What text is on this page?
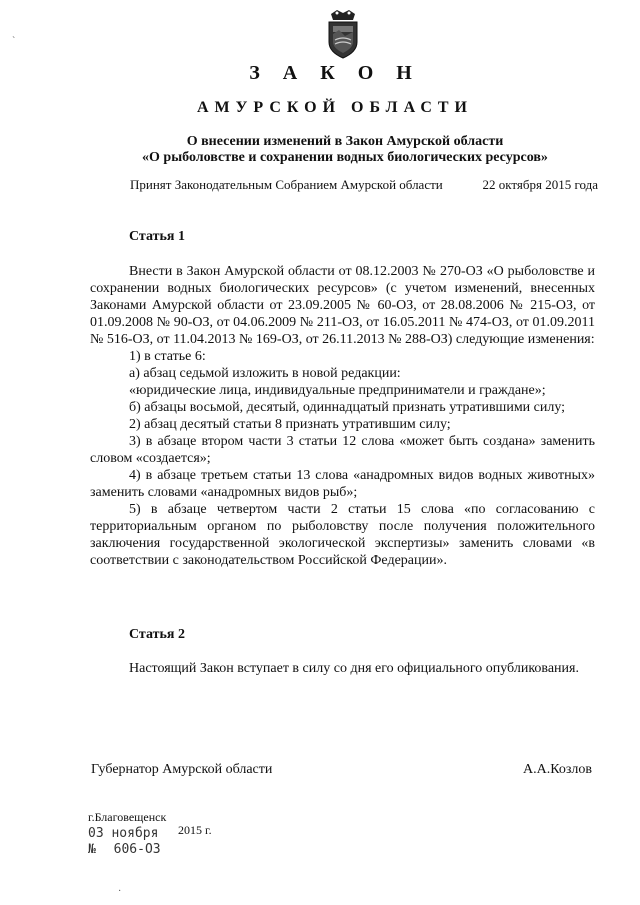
З А К О Н
АМУРСКОЙ ОБЛАСТИ
О внесении изменений в Закон Амурской области
«О рыболовстве и сохранении водных биологических ресурсов»
Принят Законодательным Собранием Амурской области	22 октября 2015 года
Статья 1

Внести в Закон Амурской области от 08.12.2003 № 270-ОЗ «О рыболовстве и сохранении водных биологических ресурсов» (с учетом изменений, внесенных Законами Амурской области от 23.09.2005 № 60-ОЗ, от 28.08.2006 № 215-ОЗ, от 01.09.2008 № 90-ОЗ, от 04.06.2009 № 211-ОЗ, от 16.05.2011 № 474-ОЗ, от 01.09.2011 № 516-ОЗ, от 11.04.2013 № 169-ОЗ, от 26.11.2013 № 288-ОЗ) следующие изменения:

1) в статье 6:

а) абзац седьмой изложить в новой редакции:

«юридические лица, индивидуальные предприниматели и граждане»;

б) абзацы восьмой, десятый, одиннадцатый признать утратившими силу;

2) абзац десятый статьи 8 признать утратившим силу;

3) в абзаце втором части 3 статьи 12 слова «может быть создана» заменить словом «создается»;

4) в абзаце третьем статьи 13 слова «анадромных видов водных животных» заменить словами «анадромных видов рыб»;

5) в абзаце четвертом части 2 статьи 15 слова «по согласованию с территориальным органом по рыболовству после получения положительного заключения государственной экологической экспертизы» заменить словами «в соответствии с законодательством Российской Федерации».

Статья 2

Настоящий Закон вступает в силу со дня его официального опубликования.

Губернатор Амурской области	А.А.Козлов
г.Благовещенск
03 ноября 2015 г.
№ 606-ОЗ
`
·
